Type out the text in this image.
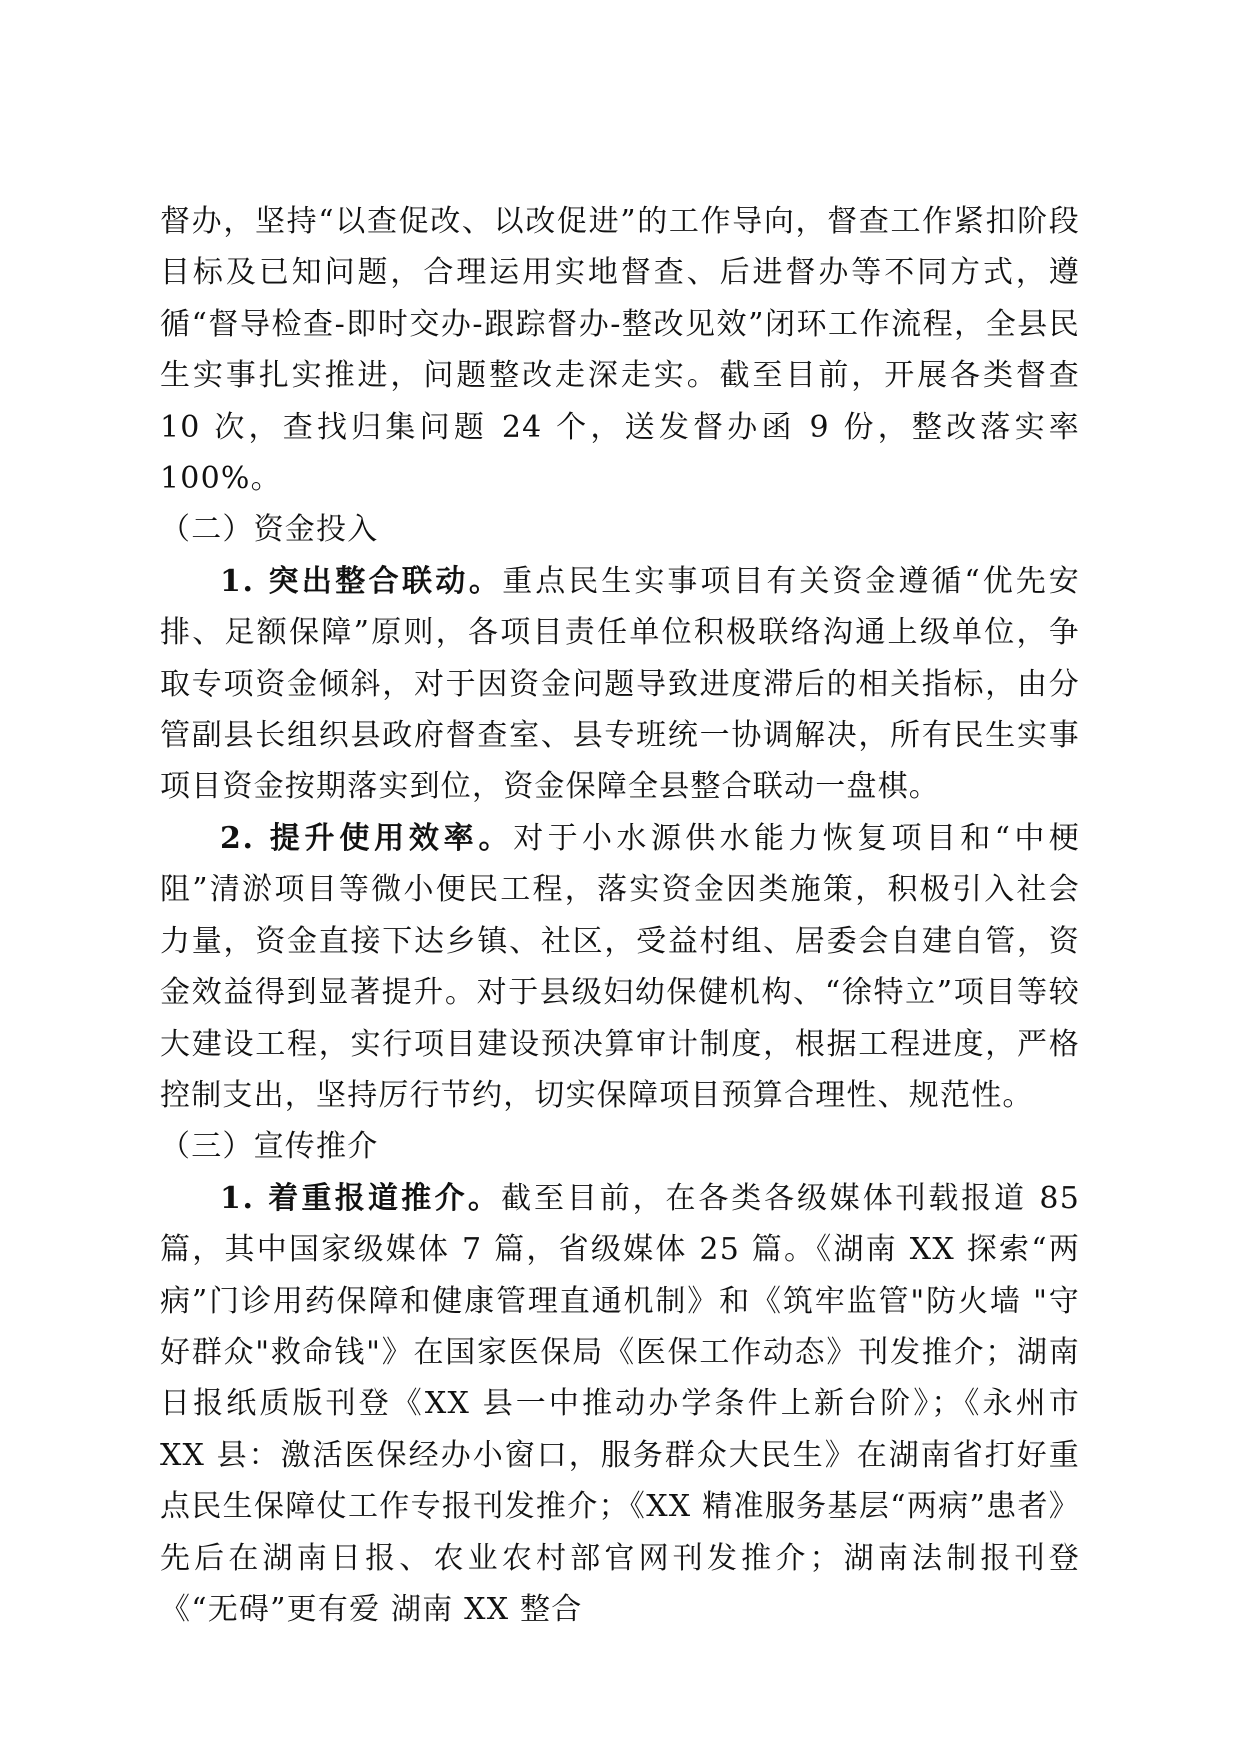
督办，坚持“以查促改、以改促进”的工作导向，督查工作紧扣阶段目标及已知问题，合理运用实地督查、后进督办等不同方式，遵循“督导检查-即时交办-跟踪督办-整改见效”闭环工作流程，全县民生实事扎实推进，问题整改走深走实。截至目前，开展各类督查 10 次，查找归集问题 24 个，送发督办函 9 份，整改落实率 100%。

（二）资金投入

1. 突出整合联动。重点民生实事项目有关资金遵循“优先安排、足额保障”原则，各项目责任单位积极联络沟通上级单位，争取专项资金倾斜，对于因资金问题导致进度滞后的相关指标，由分管副县长组织县政府督查室、县专班统一协调解决，所有民生实事项目资金按期落实到位，资金保障全县整合联动一盘棋。

2. 提升使用效率。对于小水源供水能力恢复项目和“中梗阻”清淤项目等微小便民工程，落实资金因类施策，积极引入社会力量，资金直接下达乡镇、社区，受益村组、居委会自建自管，资金效益得到显著提升。对于县级妇幼保健机构、“徐特立”项目等较大建设工程，实行项目建设预决算审计制度，根据工程进度，严格控制支出，坚持厉行节约，切实保障项目预算合理性、规范性。

（三）宣传推介

1. 着重报道推介。截至目前，在各类各级媒体刊载报道 85 篇，其中国家级媒体 7 篇，省级媒体 25 篇。《湖南 XX 探索“两病”门诊用药保障和健康管理直通机制》和《筑牢监管"防火墙 "守好群众"救命钱"》在国家医保局《医保工作动态》刊发推介；湖南日报纸质版刊登《XX 县一中推动办学条件上新台阶》；《永州市 XX 县：激活医保经办小窗口，服务群众大民生》在湖南省打好重点民生保障仗工作专报刊发推介；《XX 精准服务基层“两病”患者》先后在湖南日报、农业农村部官网刊发推介；湖南法制报刊登《“无碍”更有爱 湖南 XX 整合
